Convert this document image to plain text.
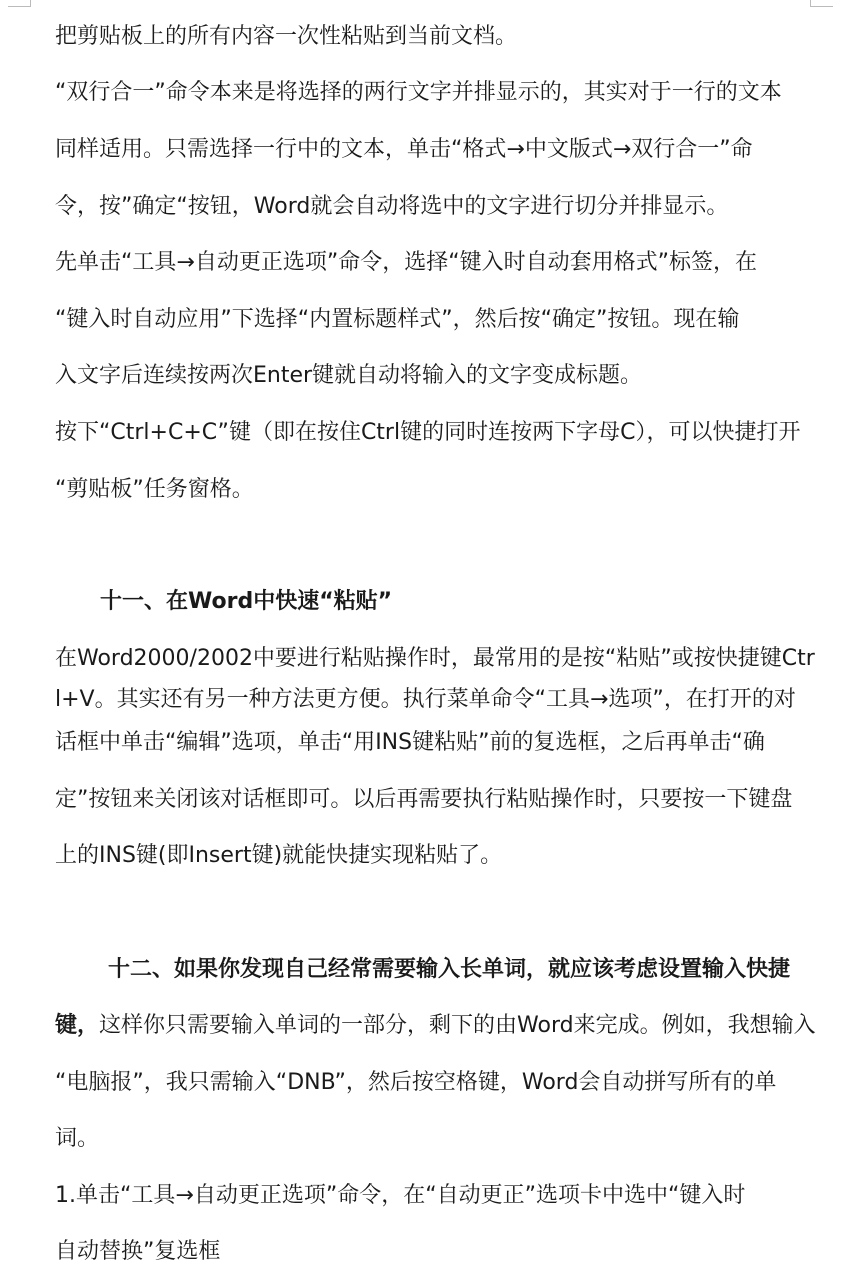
把剪贴板上的所有内容一次性粘贴到当前文档。
“双行合一”命令本来是将选择的两行文字并排显示的，其实对于一行的文本
同样适用。只需选择一行中的文本，单击“格式→中文版式→双行合一”命
令，按”确定“按钮，Word就会自动将选中的文字进行切分并排显示。
先单击“工具→自动更正选项”命令，选择“键入时自动套用格式”标签，在
“键入时自动应用”下选择“内置标题样式”，然后按“确定”按钮。现在输
入文字后连续按两次Enter键就自动将输入的文字变成标题。
按下“Ctrl+C+C”键（即在按住Ctrl键的同时连按两下字母C），可以快捷打开
“剪贴板”任务窗格。
十一、在Word中快速“粘贴”
在Word2000/2002中要进行粘贴操作时，最常用的是按“粘贴”或按快捷键Ctr
l+V。其实还有另一种方法更方便。执行菜单命令“工具→选项”，在打开的对
话框中单击“编辑”选项，单击“用INS键粘贴”前的复选框，之后再单击“确
定”按钮来关闭该对话框即可。以后再需要执行粘贴操作时，只要按一下键盘
上的INS键(即Insert键)就能快捷实现粘贴了。
十二、如果你发现自己经常需要输入长单词，就应该考虑设置输入快捷
键，这样你只需要输入单词的一部分，剩下的由Word来完成。例如，我想输入
“电脑报”，我只需输入“DNB”，然后按空格键，Word会自动拼写所有的单
词。
1.单击“工具→自动更正选项”命令，在“自动更正”选项卡中选中“键入时
自动替换”复选框
